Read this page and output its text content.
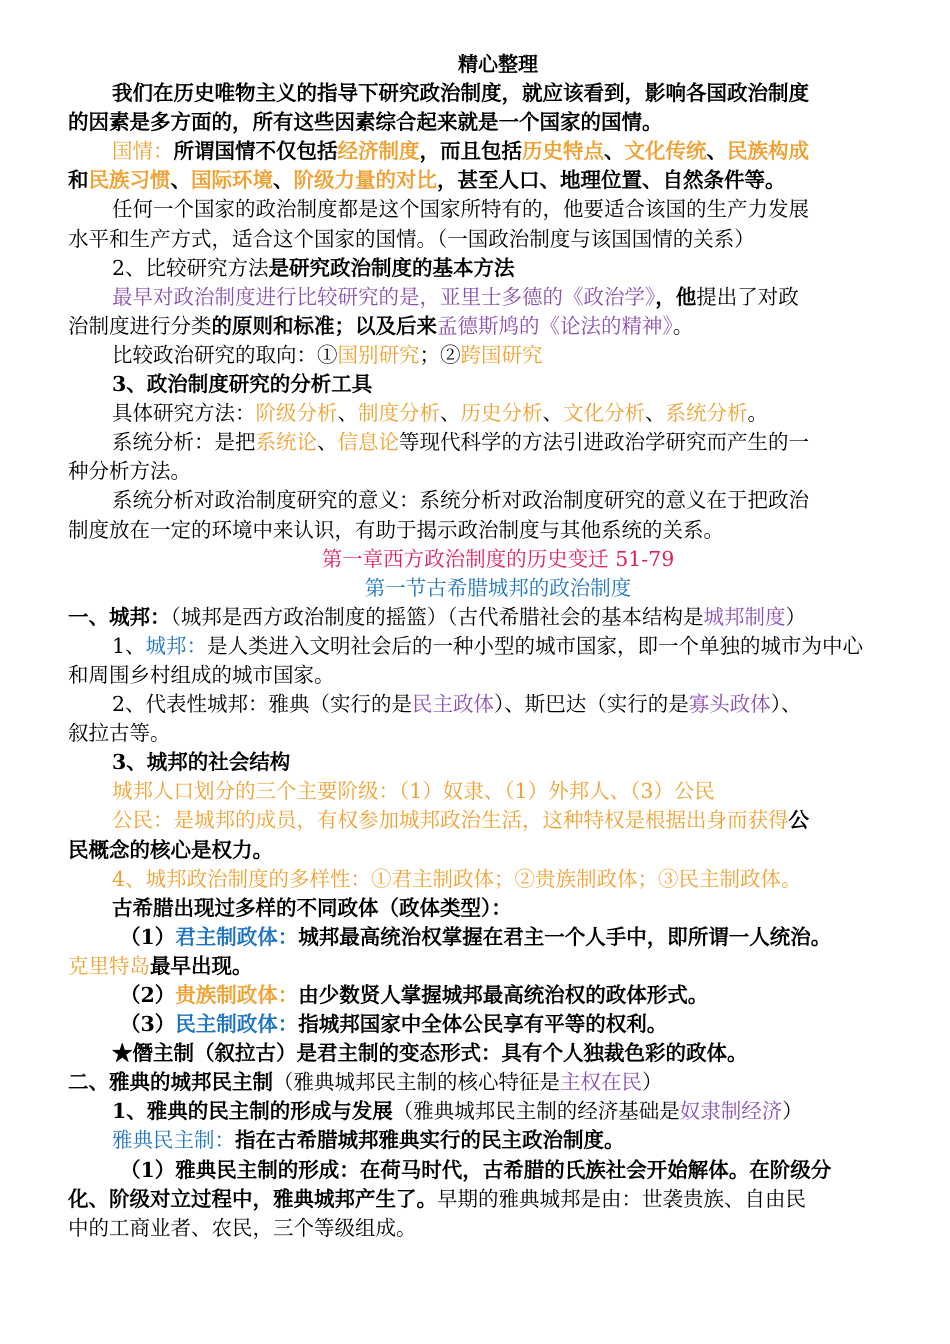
精心整理
我们在历史唯物主义的指导下研究政治制度，就应该看到，影响各国政治制度
的因素是多方面的，所有这些因素综合起来就是一个国家的国情。
国情：所谓国情不仅包括经济制度，而且包括历史特点、文化传统、民族构成
和民族习惯、国际环境、阶级力量的对比，甚至人口、地理位置、自然条件等。
任何一个国家的政治制度都是这个国家所特有的，他要适合该国的生产力发展
水平和生产方式，适合这个国家的国情。（一国政治制度与该国国情的关系）
2、比较研究方法是研究政治制度的基本方法
最早对政治制度进行比较研究的是，亚里士多德的《政治学》，他提出了对政
治制度进行分类的原则和标准；以及后来孟德斯鸠的《论法的精神》。
比较政治研究的取向：①国别研究；②跨国研究
3、政治制度研究的分析工具
具体研究方法：阶级分析、制度分析、历史分析、文化分析、系统分析。
系统分析：是把系统论、信息论等现代科学的方法引进政治学研究而产生的一
种分析方法。
系统分析对政治制度研究的意义：系统分析对政治制度研究的意义在于把政治
制度放在一定的环境中来认识，有助于揭示政治制度与其他系统的关系。
第一章西方政治制度的历史变迁 51-79
第一节古希腊城邦的政治制度
一、城邦：（城邦是西方政治制度的摇篮）（古代希腊社会的基本结构是城邦制度）
1、城邦：是人类进入文明社会后的一种小型的城市国家，即一个单独的城市为中心
和周围乡村组成的城市国家。
2、代表性城邦：雅典（实行的是民主政体）、斯巴达（实行的是寡头政体）、
叙拉古等。
3、城邦的社会结构
城邦人口划分的三个主要阶级：（1）奴隶、（1）外邦人、（3）公民
公民：是城邦的成员，有权参加城邦政治生活，这种特权是根据出身而获得公
民概念的核心是权力。
4、城邦政治制度的多样性：①君主制政体；②贵族制政体；③民主制政体。
古希腊出现过多样的不同政体（政体类型）：
（1）君主制政体：城邦最高统治权掌握在君主一个人手中，即所谓一人统治。
克里特岛最早出现。
（2）贵族制政体：由少数贤人掌握城邦最高统治权的政体形式。
（3）民主制政体：指城邦国家中全体公民享有平等的权利。
★僭主制（叙拉古）是君主制的变态形式：具有个人独裁色彩的政体。
二、雅典的城邦民主制（雅典城邦民主制的核心特征是主权在民）
1、雅典的民主制的形成与发展（雅典城邦民主制的经济基础是奴隶制经济）
雅典民主制：指在古希腊城邦雅典实行的民主政治制度。
（1）雅典民主制的形成：在荷马时代，古希腊的氏族社会开始解体。在阶级分
化、阶级对立过程中，雅典城邦产生了。早期的雅典城邦是由：世袭贵族、自由民
中的工商业者、农民，三个等级组成。
